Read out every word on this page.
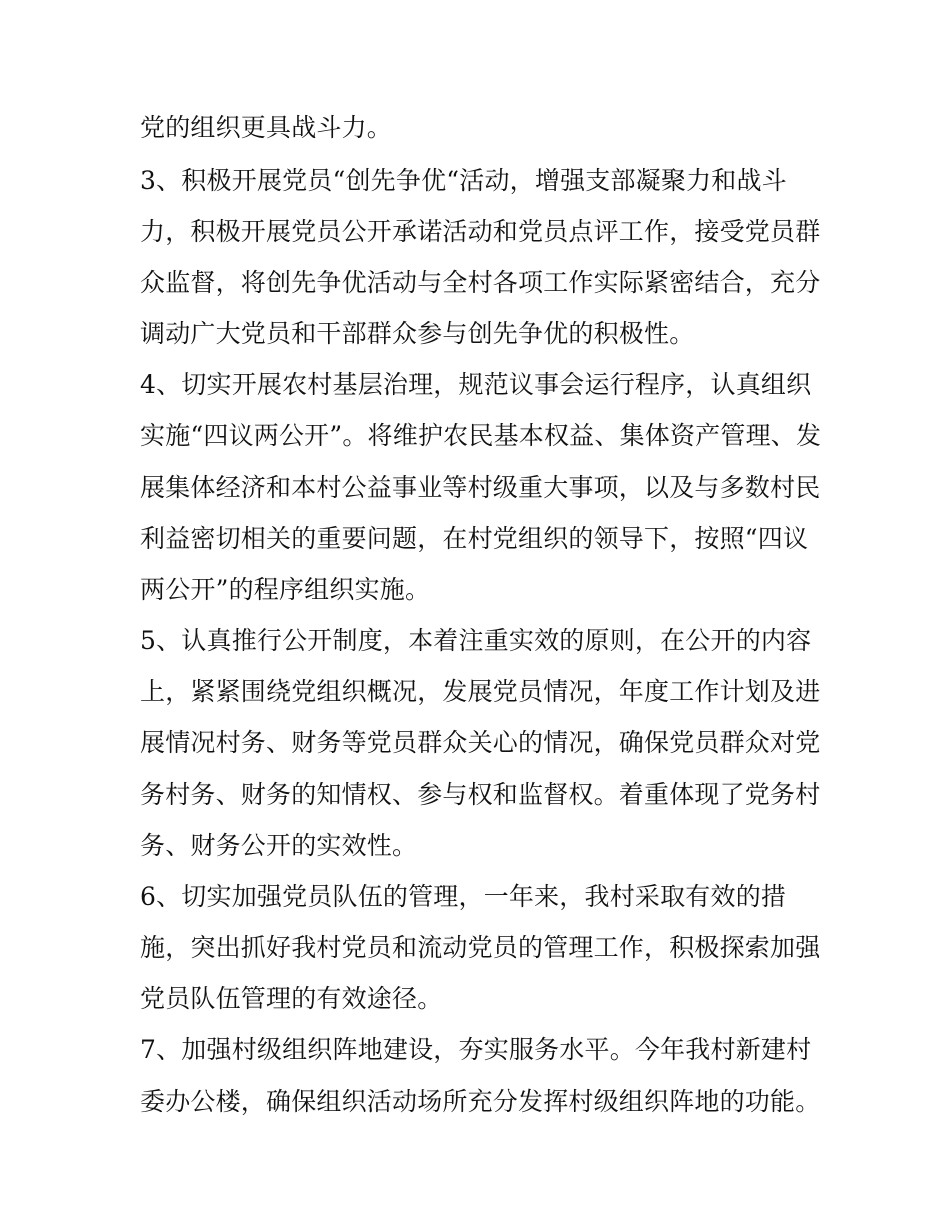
党的组织更具战斗力。
3、积极开展党员“创先争优“活动，增强支部凝聚力和战斗
力，积极开展党员公开承诺活动和党员点评工作，接受党员群
众监督，将创先争优活动与全村各项工作实际紧密结合，充分
调动广大党员和干部群众参与创先争优的积极性。
4、切实开展农村基层治理，规范议事会运行程序，认真组织
实施“四议两公开”。将维护农民基本权益、集体资产管理、发
展集体经济和本村公益事业等村级重大事项，以及与多数村民
利益密切相关的重要问题，在村党组织的领导下，按照“四议
两公开”的程序组织实施。
5、认真推行公开制度，本着注重实效的原则，在公开的内容
上，紧紧围绕党组织概况，发展党员情况，年度工作计划及进
展情况村务、财务等党员群众关心的情况，确保党员群众对党
务村务、财务的知情权、参与权和监督权。着重体现了党务村
务、财务公开的实效性。
6、切实加强党员队伍的管理，一年来，我村采取有效的措
施，突出抓好我村党员和流动党员的管理工作，积极探索加强
党员队伍管理的有效途径。
7、加强村级组织阵地建设，夯实服务水平。今年我村新建村
委办公楼，确保组织活动场所充分发挥村级组织阵地的功能。
